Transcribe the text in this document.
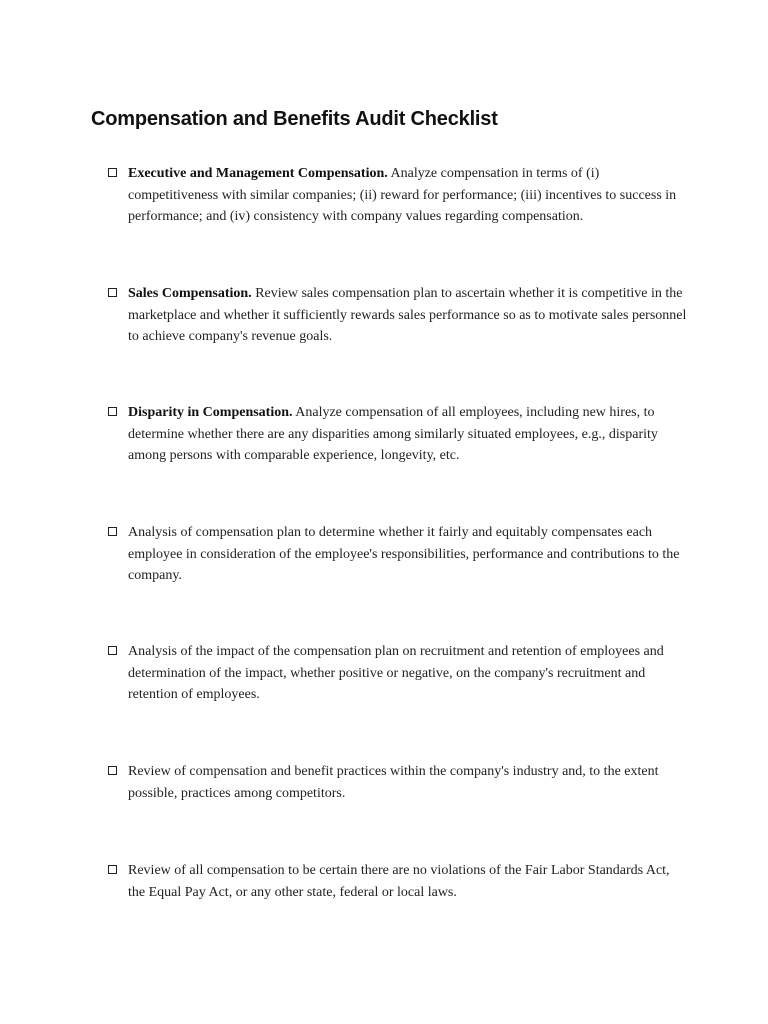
Compensation and Benefits Audit Checklist
Executive and Management Compensation. Analyze compensation in terms of (i) competitiveness with similar companies; (ii) reward for performance; (iii) incentives to success in performance; and (iv) consistency with company values regarding compensation.
Sales Compensation. Review sales compensation plan to ascertain whether it is competitive in the marketplace and whether it sufficiently rewards sales performance so as to motivate sales personnel to achieve company's revenue goals.
Disparity in Compensation. Analyze compensation of all employees, including new hires, to determine whether there are any disparities among similarly situated employees, e.g., disparity among persons with comparable experience, longevity, etc.
Analysis of compensation plan to determine whether it fairly and equitably compensates each employee in consideration of the employee's responsibilities, performance and contributions to the company.
Analysis of the impact of the compensation plan on recruitment and retention of employees and determination of the impact, whether positive or negative, on the company's recruitment and retention of employees.
Review of compensation and benefit practices within the company's industry and, to the extent possible, practices among competitors.
Review of all compensation to be certain there are no violations of the Fair Labor Standards Act, the Equal Pay Act, or any other state, federal or local laws.
